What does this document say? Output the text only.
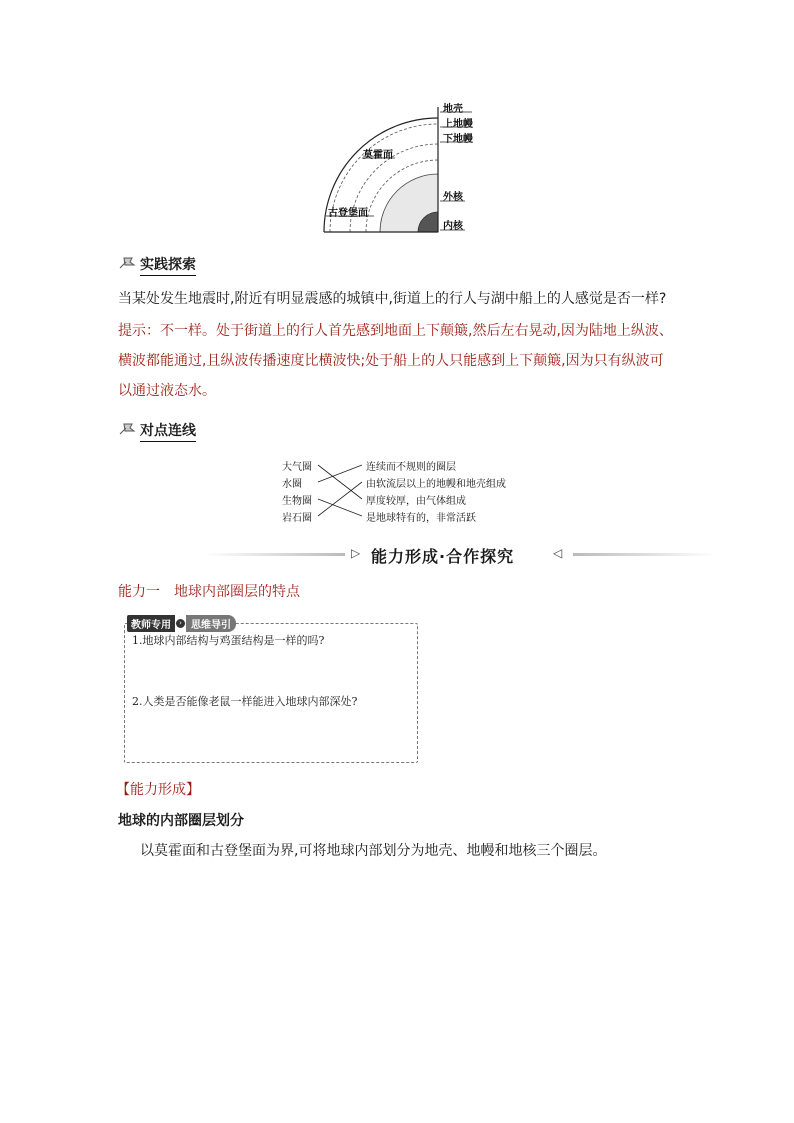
地壳
上地幔
下地幔
莫霍面
外核
古登堡面
内核
实践探索
当某处发生地震时,附近有明显震感的城镇中,街道上的行人与湖中船上的人感觉是否一样?
提示：不一样。处于街道上的行人首先感到地面上下颠簸,然后左右晃动,因为陆地上纵波、
横波都能通过,且纵波传播速度比横波快;处于船上的人只能感到上下颠簸,因为只有纵波可
以通过液态水。
对点连线
大气圈
水圈
生物圈
岩石圈
连续而不规则的圈层
由软流层以上的地幔和地壳组成
厚度较厚，由气体组成
是地球特有的，非常活跃
▷ 能力形成·合作探究	◁
能力一　地球内部圈层的特点
教师专用	› 思维导引
1.地球内部结构与鸡蛋结构是一样的吗?
2.人类是否能像老鼠一样能进入地球内部深处?
【能力形成】
地球的内部圈层划分
以莫霍面和古登堡面为界,可将地球内部划分为地壳、地幔和地核三个圈层。
